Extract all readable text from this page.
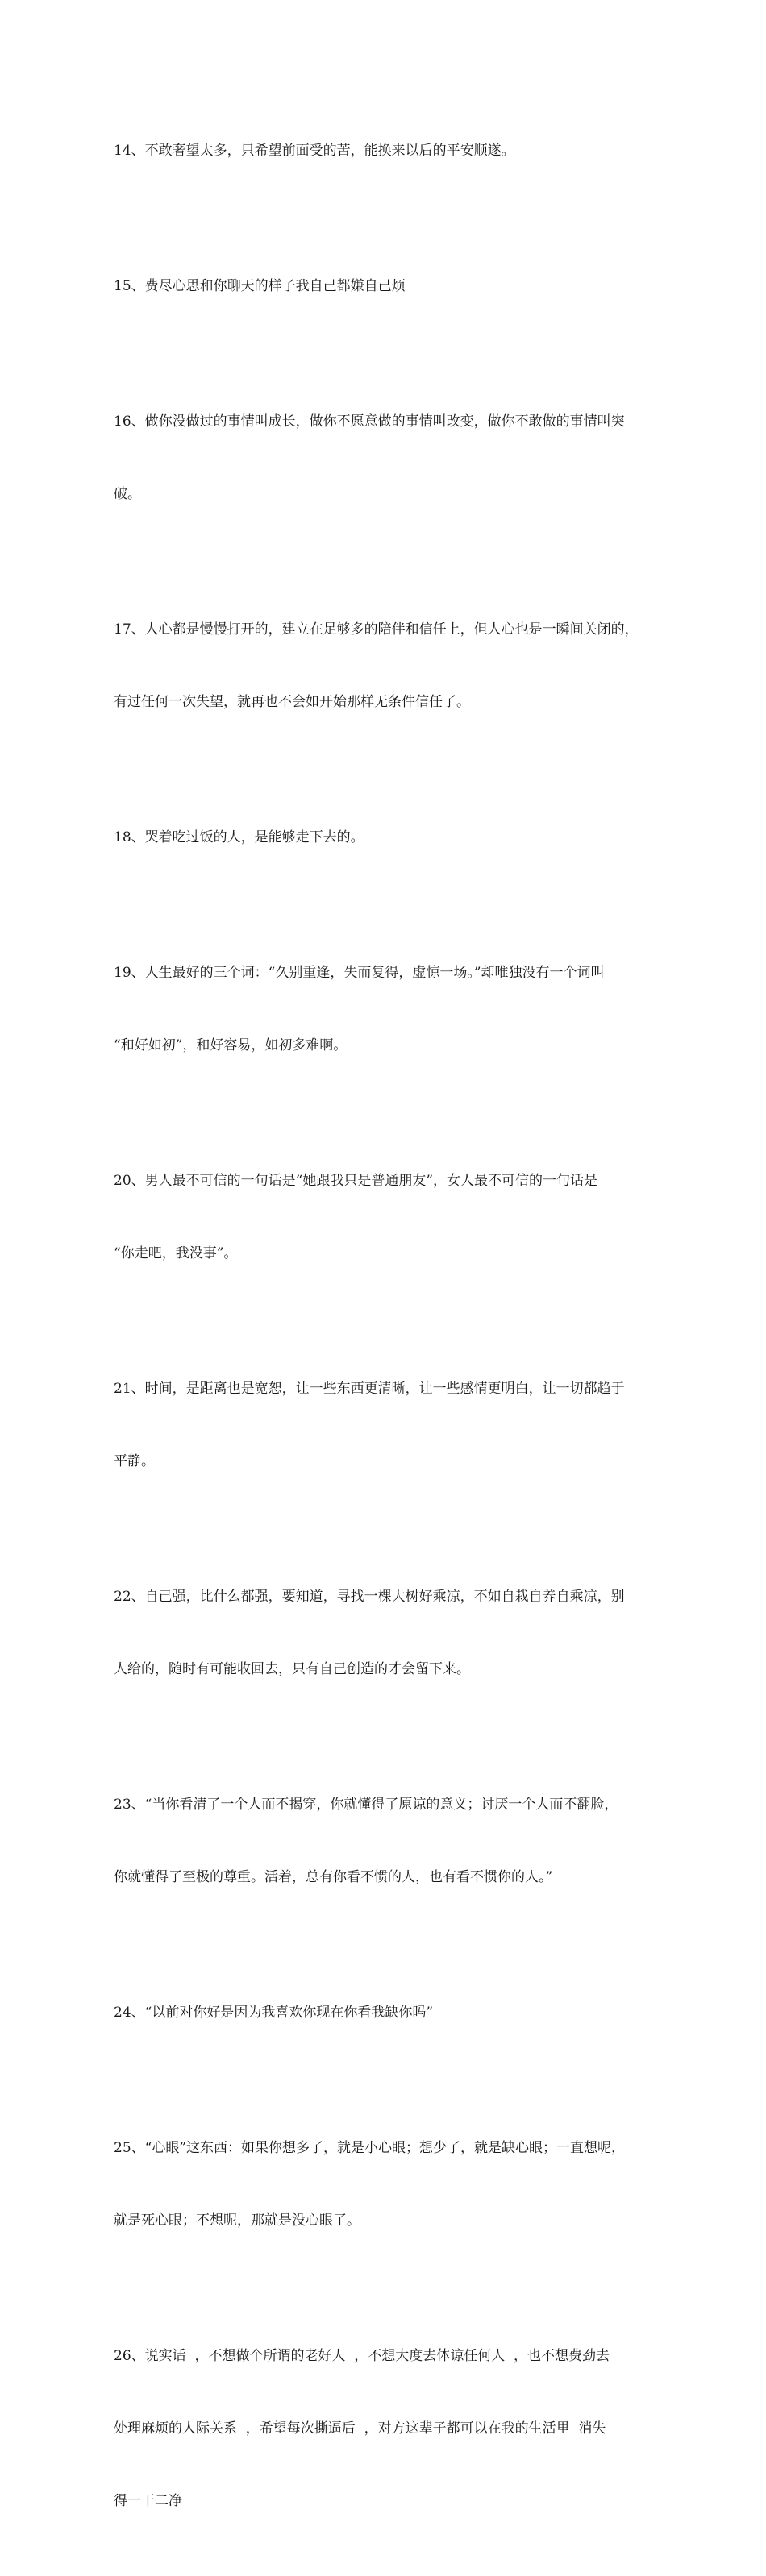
14、不敢奢望太多，只希望前面受的苦，能换来以后的平安顺遂。

15、费尽心思和你聊天的样子我自己都嫌自己烦

16、做你没做过的事情叫成长，做你不愿意做的事情叫改变，做你不敢做的事情叫突

破。

17、人心都是慢慢打开的，建立在足够多的陪伴和信任上，但人心也是一瞬间关闭的，

有过任何一次失望，就再也不会如开始那样无条件信任了。

18、哭着吃过饭的人，是能够走下去的。

19、人生最好的三个词：“久别重逢，失而复得，虚惊一场。”却唯独没有一个词叫

“和好如初”，和好容易，如初多难啊。

20、男人最不可信的一句话是“她跟我只是普通朋友”，女人最不可信的一句话是

“你走吧，我没事”。

21、时间，是距离也是宽恕，让一些东西更清晰，让一些感情更明白，让一切都趋于

平静。

22、自己强，比什么都强，要知道，寻找一棵大树好乘凉，不如自栽自养自乘凉，别

人给的，随时有可能收回去，只有自己创造的才会留下来。

23、“当你看清了一个人而不揭穿，你就懂得了原谅的意义；讨厌一个人而不翻脸，

你就懂得了至极的尊重。活着，总有你看不惯的人，也有看不惯你的人。”

24、“以前对你好是因为我喜欢你现在你看我缺你吗”

25、“心眼”这东西：如果你想多了，就是小心眼；想少了，就是缺心眼；一直想呢，

就是死心眼；不想呢，那就是没心眼了。

26、说实话  ，不想做个所谓的老好人  ，不想大度去体谅任何人  ，也不想费劲去

处理麻烦的人际关系  ，希望每次撕逼后  ，对方这辈子都可以在我的生活里  消失

得一干二净
